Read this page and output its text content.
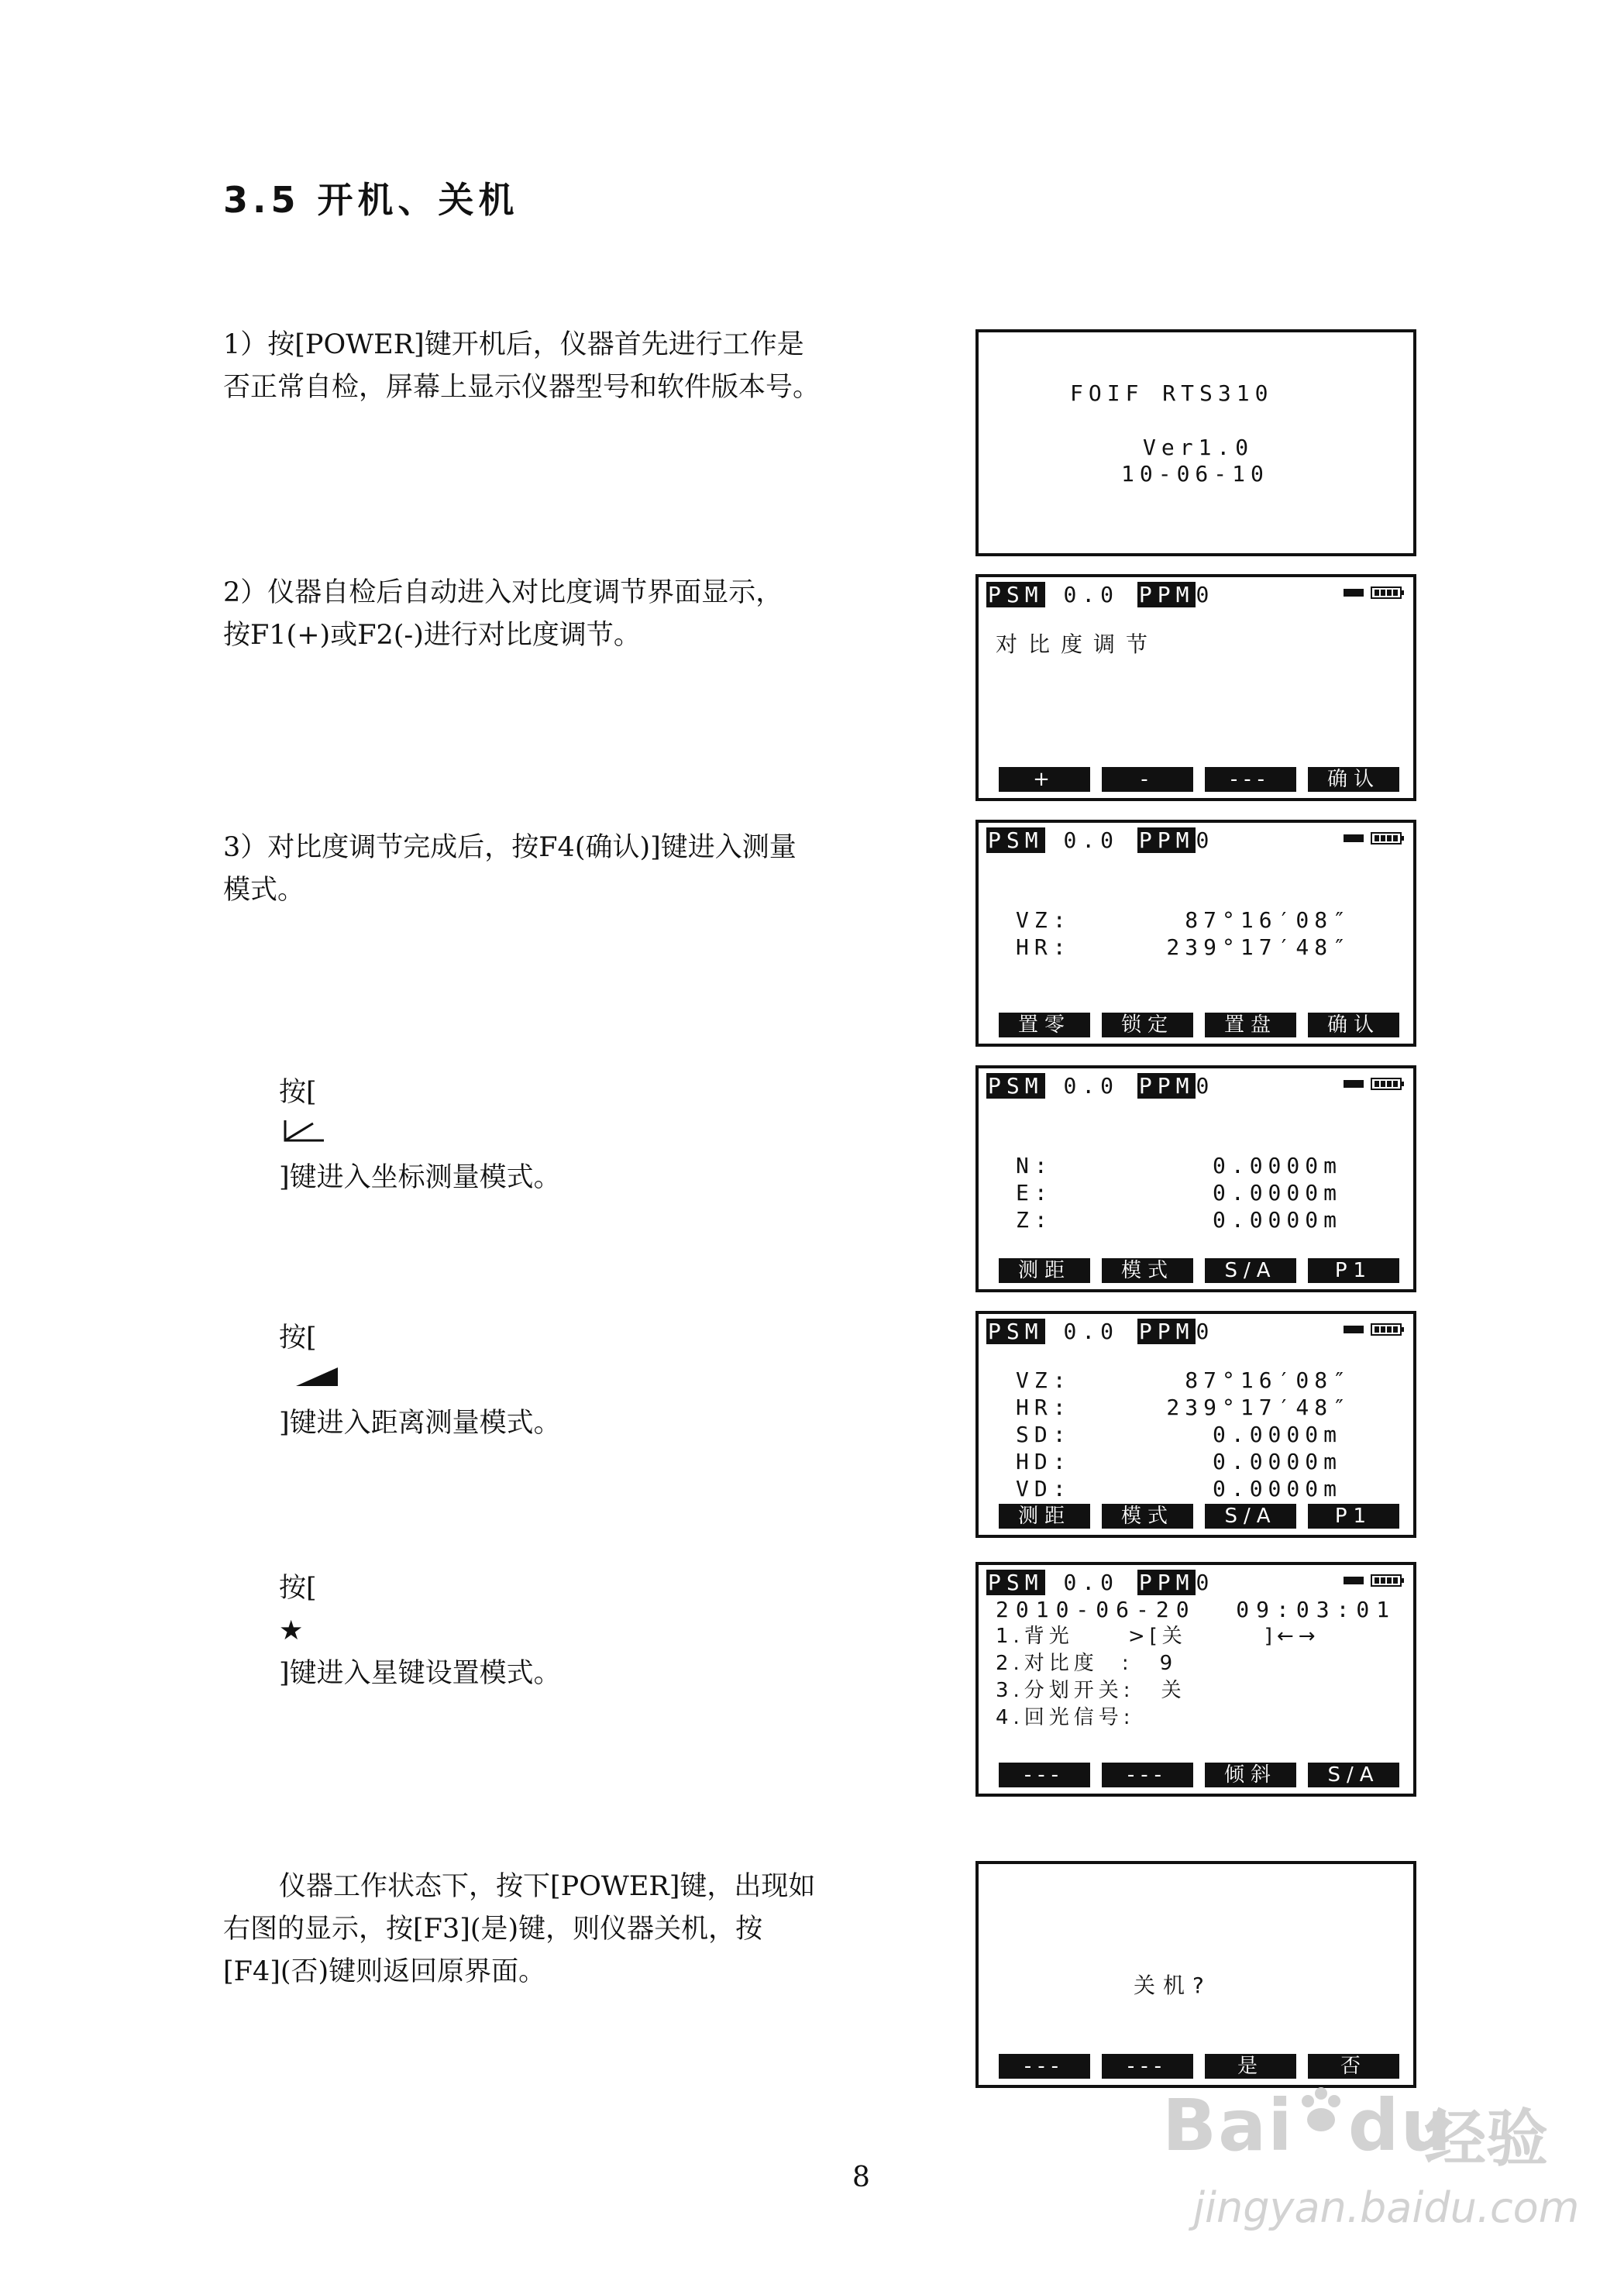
3.5 开机、关机
1）按[POWER]键开机后，仪器首先进行工作是
否正常自检，屏幕上显示仪器型号和软件版本号。	FOIF RTS310
Ver1.0
10-06-10
2）仪器自检后自动进入对比度调节界面显示，
按F1(+)或F2(-)进行对比度调节。
PSM 0.0 PPM0
对比度调节
+	-	---	确认
3）对比度调节完成后，按F4(确认)]键进入测量
模式。
PSM 0.0 PPM0
VZ:	87°16′08″
HR:	239°17′48″
置零	锁定	置盘	确认
按[
]键进入坐标测量模式。
PSM 0.0 PPM0
N:	0.0000m
E:	0.0000m
Z:	0.0000m
测距	模式	S/A	P1
按[
]键进入距离测量模式。
PSM 0.0 PPM0
VZ:	87°16′08″
HR:	239°17′48″
SD:	0.0000m
HD:	0.0000m
VD:	0.0000m
测距	模式	S/A	P1
按[
★
]键进入星键设置模式。
PSM 0.0 PPM0
2010-06-20  09:03:01
1.背光	>[关	]←→
2.对比度 : 9
3.分划开关: 关
4.回光信号:
---	---	倾斜	S/A
仪器工作状态下，按下[POWER]键，出现如
右图的显示，按[F3](是)键，则仪器关机，按
[F4](否)键则返回原界面。	关机?
---	---	是	否
Bai du
经验
jingyan.baidu.com
8
